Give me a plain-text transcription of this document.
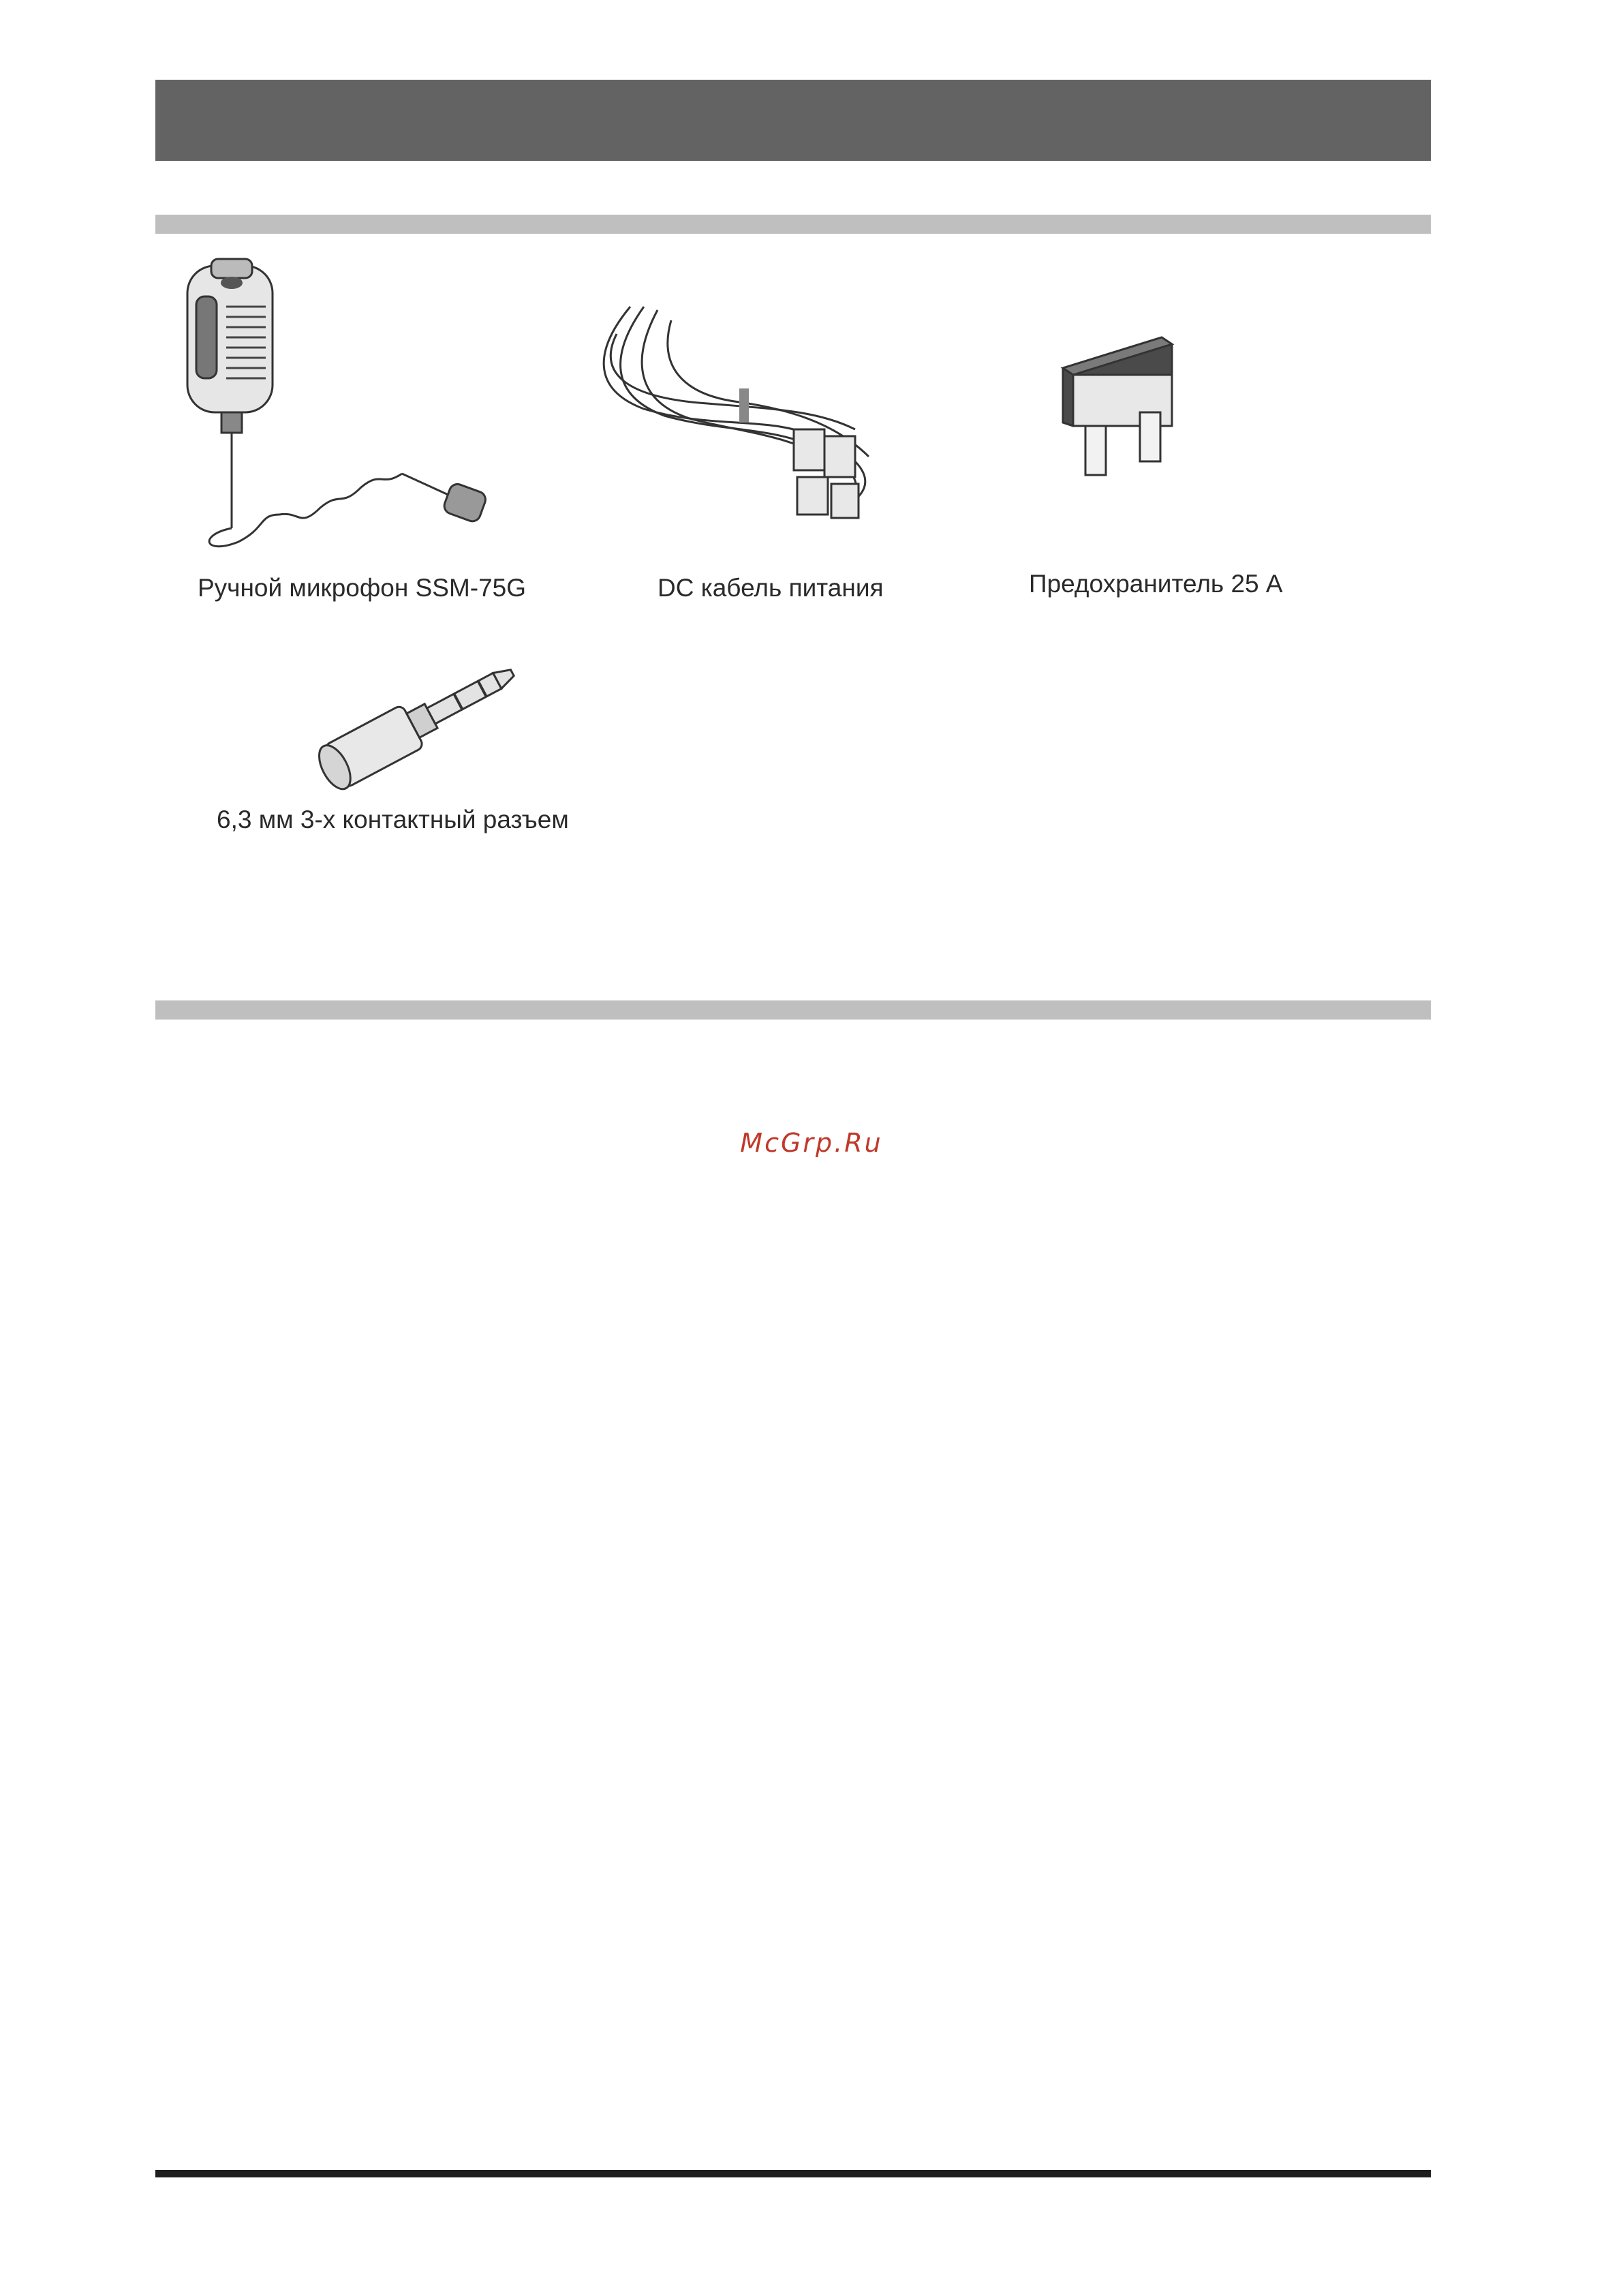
Ручной микрофон SSM-75G	DC кабель питания	Предохранитель 25 А
6,3 мм 3-х контактный разъем
McGrp.Ru
